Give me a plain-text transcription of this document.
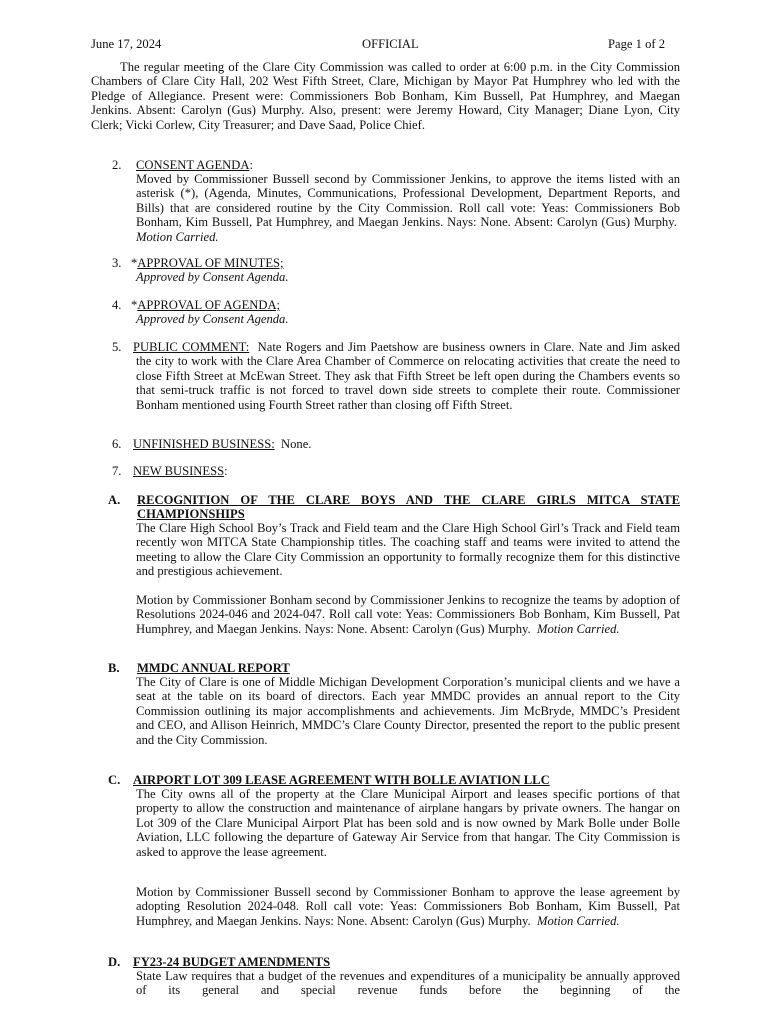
June 17, 2024	OFFICIAL	Page 1 of 2
The regular meeting of the Clare City Commission was called to order at 6:00 p.m. in the City Commission Chambers of Clare City Hall, 202 West Fifth Street, Clare, Michigan by Mayor Pat Humphrey who led with the Pledge of Allegiance. Present were: Commissioners Bob Bonham, Kim Bussell, Pat Humphrey, and Maegan Jenkins. Absent: Carolyn (Gus) Murphy. Also, present: were Jeremy Howard, City Manager; Diane Lyon, City Clerk; Vicki Corlew, City Treasurer; and Dave Saad, Police Chief.
2. CONSENT AGENDA:
Moved by Commissioner Bussell second by Commissioner Jenkins, to approve the items listed with an asterisk (*), (Agenda, Minutes, Communications, Professional Development, Department Reports, and Bills) that are considered routine by the City Commission. Roll call vote: Yeas: Commissioners Bob Bonham, Kim Bussell, Pat Humphrey, and Maegan Jenkins. Nays: None. Absent: Carolyn (Gus) Murphy.  Motion Carried.
3. *APPROVAL OF MINUTES;
Approved by Consent Agenda.
4. *APPROVAL OF AGENDA;
Approved by Consent Agenda.
5. PUBLIC COMMENT: Nate Rogers and Jim Paetshow are business owners in Clare. Nate and Jim asked the city to work with the Clare Area Chamber of Commerce on relocating activities that create the need to close Fifth Street at McEwan Street. They ask that Fifth Street be left open during the Chambers events so that semi-truck traffic is not forced to travel down side streets to complete their route. Commissioner Bonham mentioned using Fourth Street rather than closing off Fifth Street.
6. UNFINISHED BUSINESS: None.
7. NEW BUSINESS:
A. RECOGNITION OF THE CLARE BOYS AND THE CLARE GIRLS MITCA STATE CHAMPIONSHIPS
The Clare High School Boy’s Track and Field team and the Clare High School Girl’s Track and Field team recently won MITCA State Championship titles. The coaching staff and teams were invited to attend the meeting to allow the Clare City Commission an opportunity to formally recognize them for this distinctive and prestigious achievement.
Motion by Commissioner Bonham second by Commissioner Jenkins to recognize the teams by adoption of Resolutions 2024-046 and 2024-047. Roll call vote: Yeas: Commissioners Bob Bonham, Kim Bussell, Pat Humphrey, and Maegan Jenkins. Nays: None. Absent: Carolyn (Gus) Murphy. Motion Carried.
B. MMDC ANNUAL REPORT
The City of Clare is one of Middle Michigan Development Corporation’s municipal clients and we have a seat at the table on its board of directors. Each year MMDC provides an annual report to the City Commission outlining its major accomplishments and achievements. Jim McBryde, MMDC’s President and CEO, and Allison Heinrich, MMDC’s Clare County Director, presented the report to the public present and the City Commission.
C. AIRPORT LOT 309 LEASE AGREEMENT WITH BOLLE AVIATION LLC
The City owns all of the property at the Clare Municipal Airport and leases specific portions of that property to allow the construction and maintenance of airplane hangars by private owners. The hangar on Lot 309 of the Clare Municipal Airport Plat has been sold and is now owned by Mark Bolle under Bolle Aviation, LLC following the departure of Gateway Air Service from that hangar. The City Commission is asked to approve the lease agreement.
Motion by Commissioner Bussell second by Commissioner Bonham to approve the lease agreement by adopting Resolution 2024-048. Roll call vote: Yeas: Commissioners Bob Bonham, Kim Bussell, Pat Humphrey, and Maegan Jenkins. Nays: None. Absent: Carolyn (Gus) Murphy. Motion Carried.
D. FY23-24 BUDGET AMENDMENTS
State Law requires that a budget of the revenues and expenditures of a municipality be annually approved of its general and special revenue funds before the beginning of the
